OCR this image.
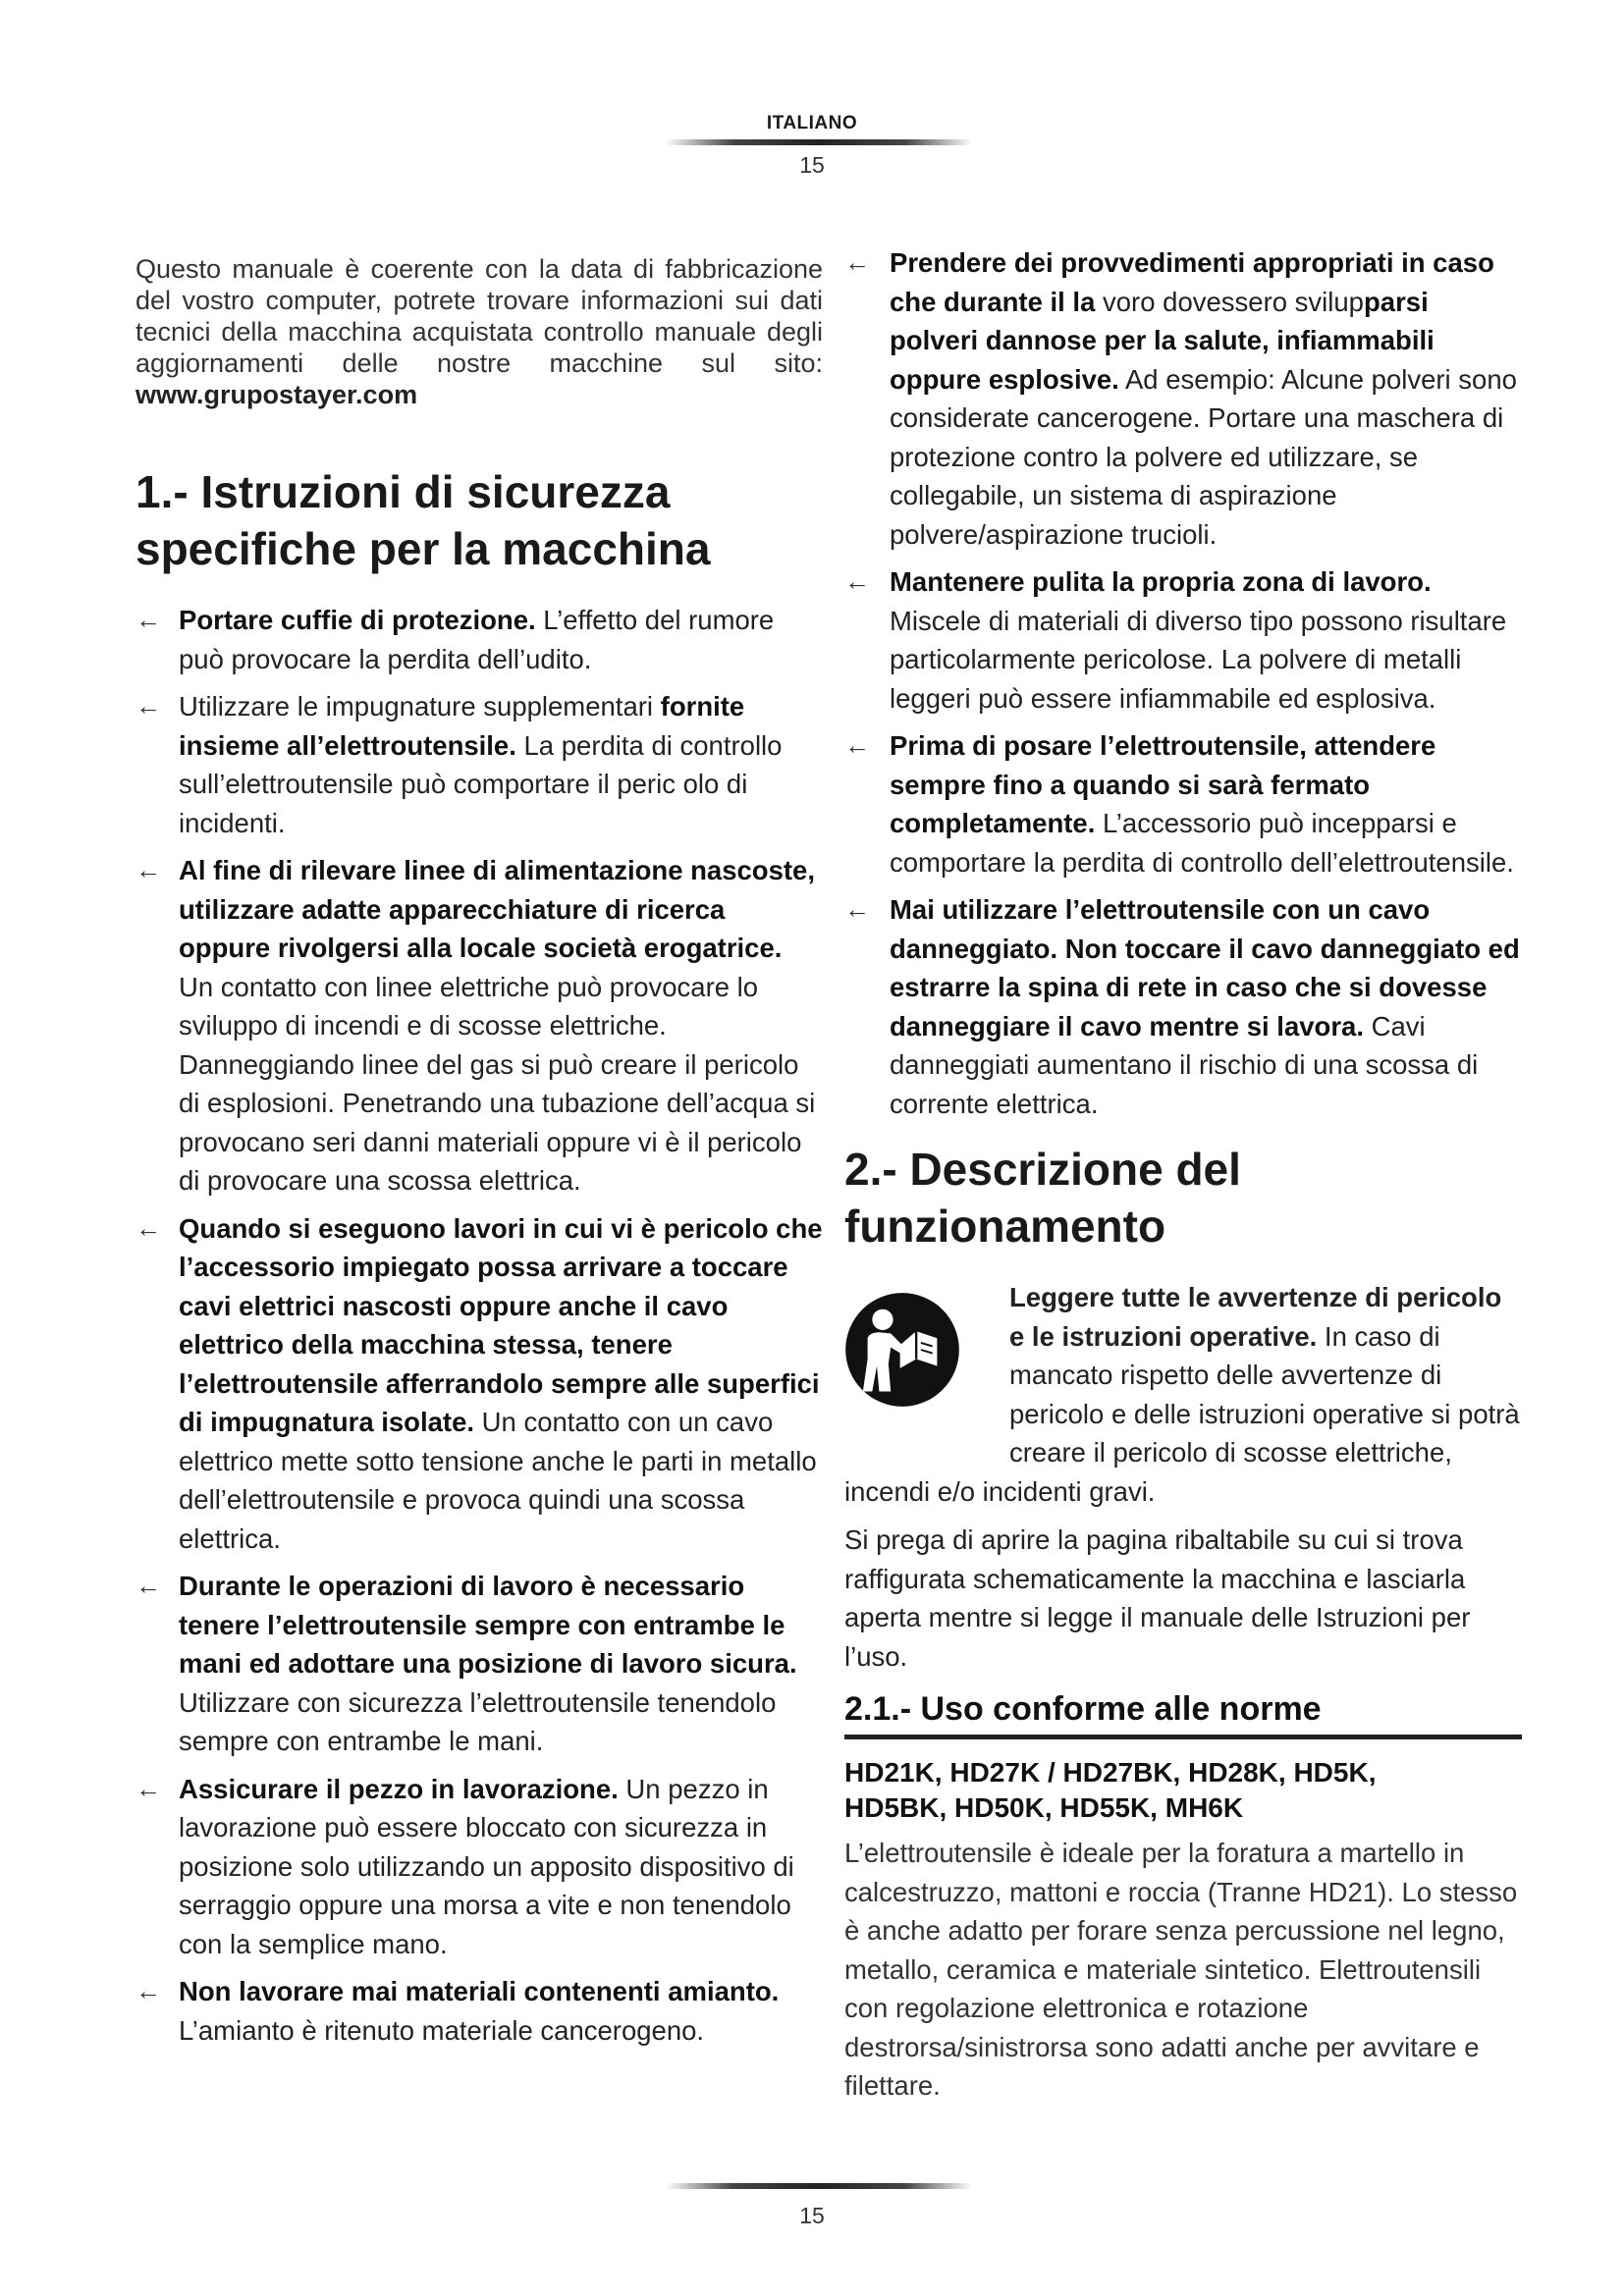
ITALIANO
15

Questo manuale è coerente con la data di fabbricazione del vostro computer, potrete trovare informazioni sui dati tecnici della macchina acquistata controllo manuale degli aggiornamenti delle nostre macchine sul sito: www.grupostayer.com

1.- Istruzioni di sicurezza
specifiche per la macchina
← Portare cuffie di protezione. L’effetto del rumore può provocare la perdita dell’udito.
← Utilizzare le impugnature supplementari fornite insieme all’elettroutensile. La perdita di controllo sull’elettroutensile può comportare il peric olo di incidenti.
← Al fine di rilevare linee di alimentazione nascoste, utilizzare adatte apparecchiature di ricerca oppure rivolgersi alla locale società erogatrice. Un contatto con linee elettriche può provocare lo sviluppo di incendi e di scosse elettriche. Danneggiando linee del gas si può creare il pericolo di esplosioni. Penetrando una tubazione dell’acqua si provocano seri danni materiali oppure vi è il pericolo di provocare una scossa elettrica.
← Quando si eseguono lavori in cui vi è pericolo che l’accessorio impiegato possa arrivare a toccare cavi elettrici nascosti oppure anche il cavo elettrico della macchina stessa, tenere l’elettroutensile afferrandolo sempre alle superfici di impugnatura isolate. Un contatto con un cavo elettrico mette sotto tensione anche le parti in metallo dell’elettroutensile e provoca quindi una scossa elettrica.
← Durante le operazioni di lavoro è necessario tenere l’elettroutensile sempre con entrambe le mani ed adottare una posizione di lavoro sicura. Utilizzare con sicurezza l’elettroutensile tenendolo sempre con entrambe le mani.
← Assicurare il pezzo in lavorazione. Un pezzo in lavorazione può essere bloccato con sicurezza in posizione solo utilizzando un apposito dispositivo di serraggio oppure una morsa a vite e non tenendolo con la semplice mano.
← Non lavorare mai materiali contenenti amianto. L’amianto è ritenuto materiale cancerogeno.
← Prendere dei provvedimenti appropriati in caso che durante il la voro dovessero svilupparsi polveri dannose per la salute, infiammabili oppure esplosive. Ad esempio: Alcune polveri sono considerate cancerogene. Portare una maschera di protezione contro la polvere ed utilizzare, se collegabile, un sistema di aspirazione polvere/aspirazione trucioli.
← Mantenere pulita la propria zona di lavoro. Miscele di materiali di diverso tipo possono risultare particolarmente pericolose. La polvere di metalli leggeri può essere infiammabile ed esplosiva.
← Prima di posare l’elettroutensile, attendere sempre fino a quando si sarà fermato completamente. L’accessorio può incepparsi e comportare la perdita di controllo dell’elettroutensile.
← Mai utilizzare l’elettroutensile con un cavo danneggiato. Non toccare il cavo danneggiato ed estrarre la spina di rete in caso che si dovesse danneggiare il cavo mentre si lavora. Cavi danneggiati aumentano il rischio di una scossa di corrente elettrica.
2.- Descrizione del
funzionamento
Leggere tutte le avvertenze di pericolo e le istruzioni operative. In caso di mancato rispetto delle avvertenze di pericolo e delle istruzioni operative si potrà creare il pericolo di scosse elettriche, incendi e/o incidenti gravi.

Si prega di aprire la pagina ribaltabile su cui si trova raffigurata schematicamente la macchina e lasciarla aperta mentre si legge il manuale delle Istruzioni per l’uso.

2.1.- Uso conforme alle norme
HD21K, HD27K / HD27BK, HD28K, HD5K,
HD5BK, HD50K, HD55K, MH6K

L’elettroutensile è ideale per la foratura a martello in calcestruzzo, mattoni e roccia (Tranne HD21). Lo stesso è anche adatto per forare senza percussione nel legno, metallo, ceramica e materiale sintetico. Elettroutensili con regolazione elettronica e rotazione destrorsa/sinistrorsa sono adatti anche per avvitare e filettare.

15
